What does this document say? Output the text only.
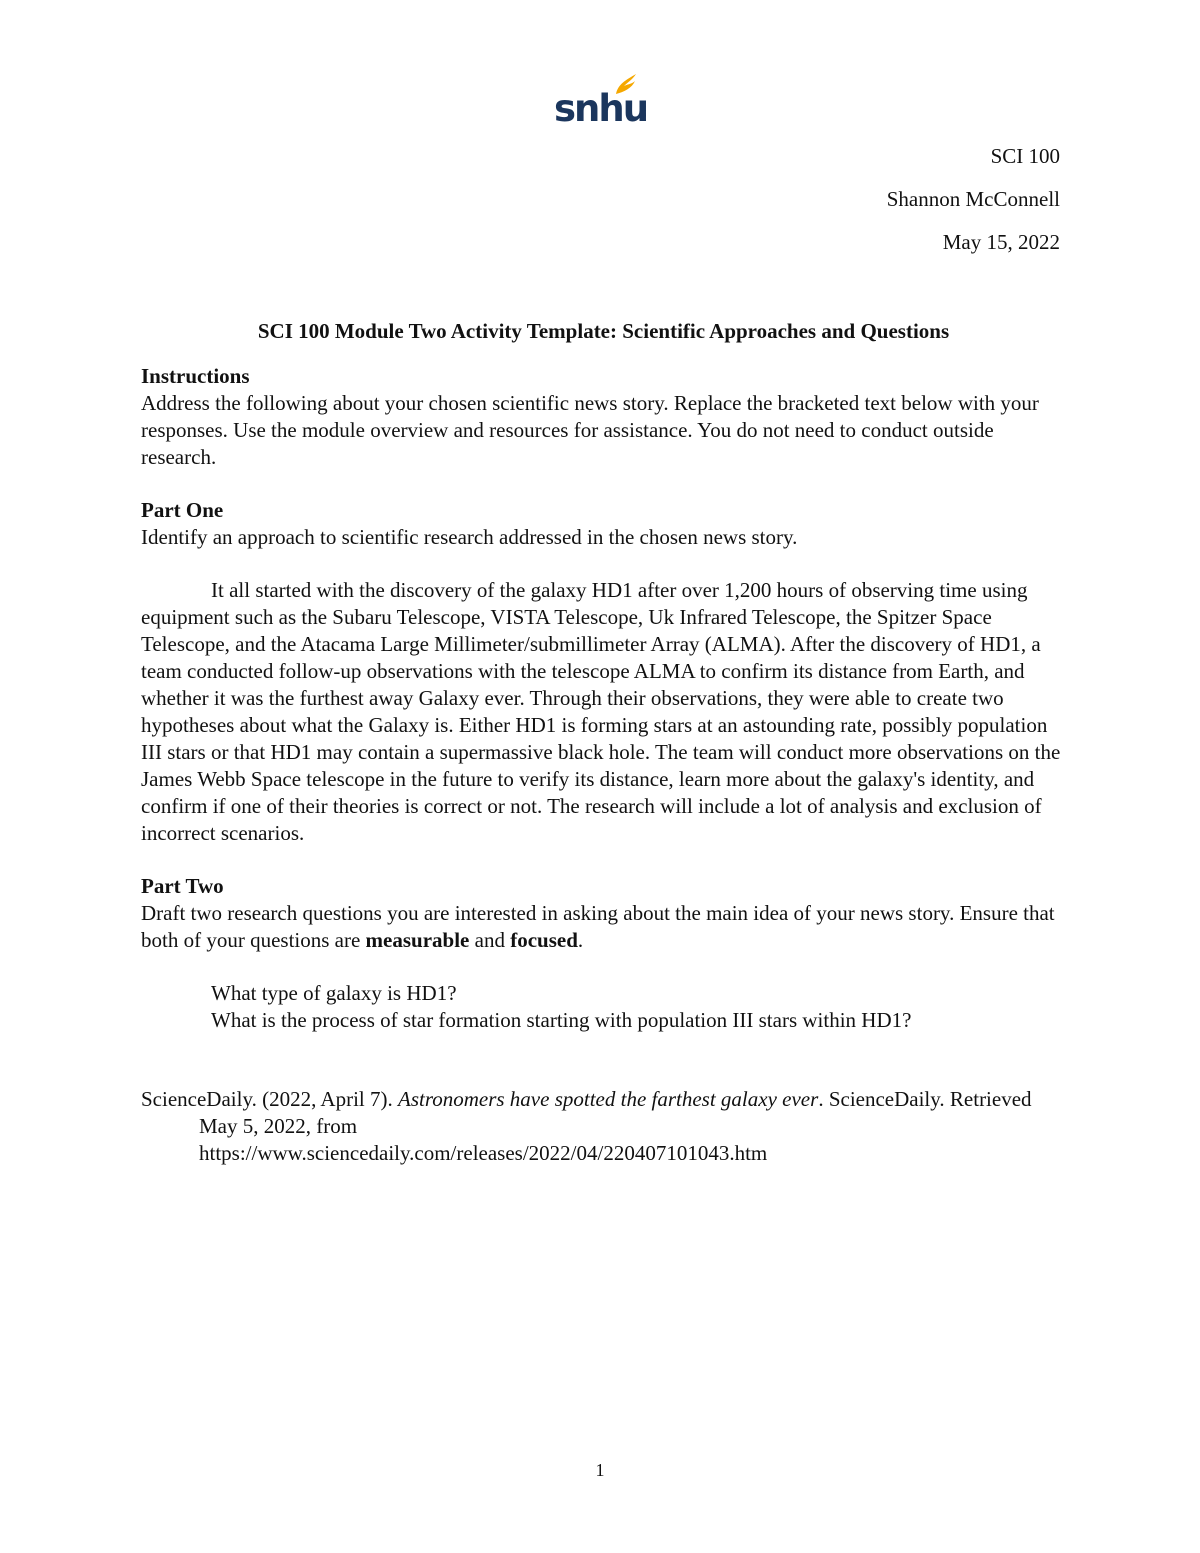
snhu
SCI 100
Shannon McConnell
May 15, 2022

SCI 100 Module Two Activity Template: Scientific Approaches and Questions

Instructions

Address the following about your chosen scientific news story. Replace the bracketed text below with your responses. Use the module overview and resources for assistance. You do not need to conduct outside research.

Part One

Identify an approach to scientific research addressed in the chosen news story.

It all started with the discovery of the galaxy HD1 after over 1,200 hours of observing time using equipment such as the Subaru Telescope, VISTA Telescope, Uk Infrared Telescope, the Spitzer Space Telescope, and the Atacama Large Millimeter/submillimeter Array (ALMA). After the discovery of HD1, a team conducted follow-up observations with the telescope ALMA to confirm its distance from Earth, and whether it was the furthest away Galaxy ever. Through their observations, they were able to create two hypotheses about what the Galaxy is. Either HD1 is forming stars at an astounding rate, possibly population III stars or that HD1 may contain a supermassive black hole. The team will conduct more observations on the James Webb Space telescope in the future to verify its distance, learn more about the galaxy's identity, and confirm if one of their theories is correct or not. The research will include a lot of analysis and exclusion of incorrect scenarios.

Part Two

Draft two research questions you are interested in asking about the main idea of your news story. Ensure that both of your questions are measurable and focused.

What type of galaxy is HD1?

What is the process of star formation starting with population III stars within HD1?

ScienceDaily. (2022, April 7). Astronomers have spotted the farthest galaxy ever. ScienceDaily. Retrieved May 5, 2022, from
https://www.sciencedaily.com/releases/2022/04/220407101043.htm

1
